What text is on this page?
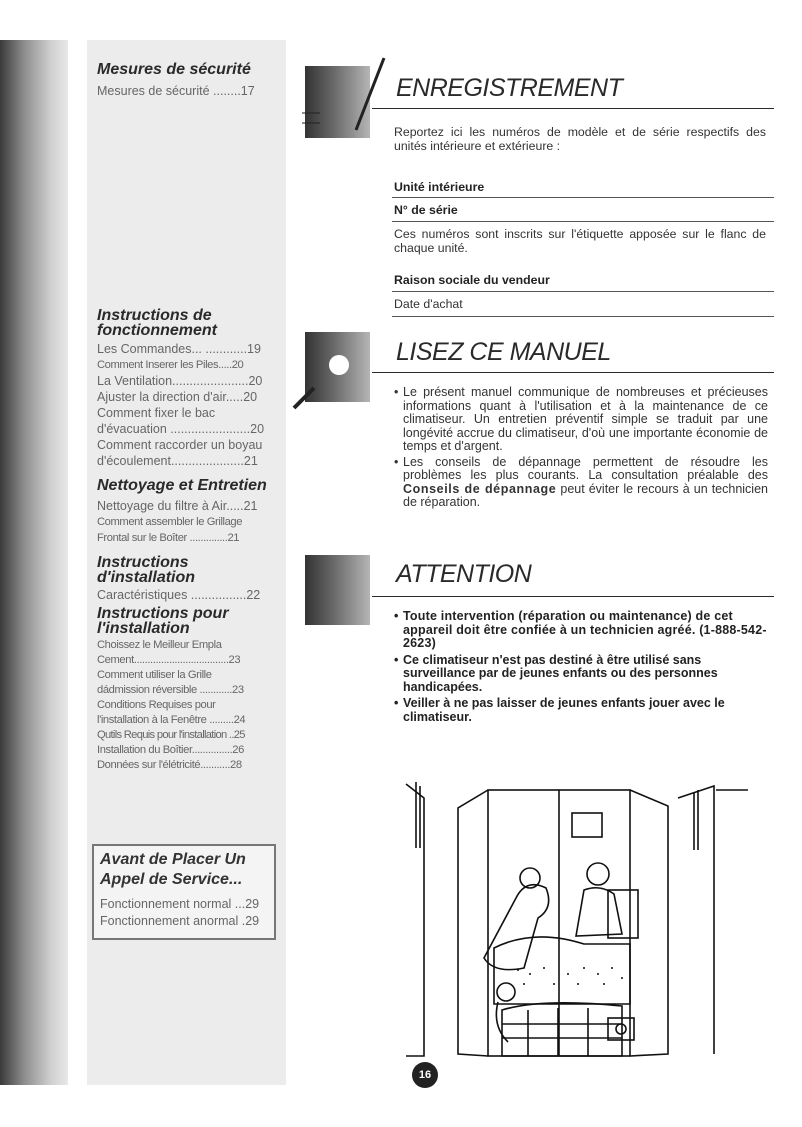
Mesures de sécurité
Mesures de sécurité ........17
Instructions de fonctionnement
Les Commandes... ............19
Comment Inserer les Piles.....20
La Ventilation......................20
Ajuster la direction d'air.....20
Comment fixer le bac
d'évacuation .......................20
Comment raccorder un boyau
d'écoulement.....................21
Nettoyage et Entretien
Nettoyage du filtre à Air.....21
Comment assembler le Grillage
Frontal sur le Boîter ..............21
Instructions d'installation
Caractéristiques ................22
Instructions pour l'installation
Choissez le Meilleur Empla
Cement...................................23
Comment utiliser la Grille
dádmission réversible ............23
Conditions Requises pour
l'installation à la Fenêtre .........24
Qutils Requis pour l'installation ..25
Installation du Boîtier...............26
Données sur l'élétricité...........28
Avant de Placer Un Appel de Service...
Fonctionnement normal ...29
Fonctionnement anormal .29
ENREGISTREMENT

Reportez ici les numéros de modèle et de série respectifs des unités intérieure et extérieure :

Unité intérieure
N° de série

Ces numéros sont inscrits sur l'étiquette apposée sur le flanc de chaque unité.

Raison sociale du vendeur
Date d'achat
LISEZ CE MANUEL
• Le présent manuel communique de nombreuses et précieuses informations quant à l'utilisation et à la maintenance de ce climatiseur. Un entretien préventif simple se traduit par une longévité accrue du climatiseur, d'où une importante économie de temps et d'argent.
• Les conseils de dépannage permettent de résoudre les problèmes les plus courants. La consultation préalable des Conseils de dépannage peut éviter le recours à un technicien de réparation.
ATTENTION
• Toute intervention (réparation ou maintenance) de cet appareil doit être confiée à un technicien agréé. (1-888-542-2623)
• Ce climatiseur n'est pas destiné à être utilisé sans surveillance par de jeunes enfants ou des personnes handicapées.
• Veiller à ne pas laisser de jeunes enfants jouer avec le climatiseur.
16
